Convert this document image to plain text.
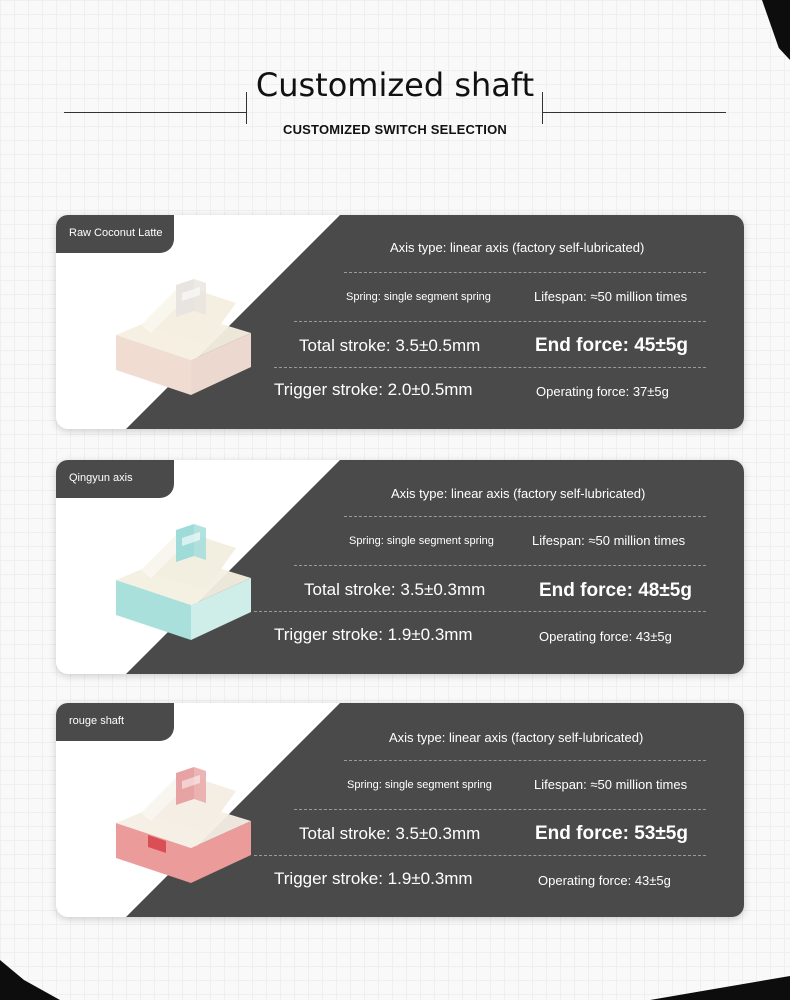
Customized shaft
CUSTOMIZED SWITCH SELECTION
Raw Coconut Latte
Axis type: linear axis (factory self-lubricated)
Spring: single segment spring	Lifespan: ≈50 million times
Total stroke: 3.5±0.5mm	End force: 45±5g
Trigger stroke: 2.0±0.5mm	Operating force: 37±5g
Qingyun axis
Axis type: linear axis (factory self-lubricated)
Spring: single segment spring	Lifespan: ≈50 million times
Total stroke: 3.5±0.3mm	End force: 48±5g
Trigger stroke: 1.9±0.3mm	Operating force: 43±5g
rouge shaft
Axis type: linear axis (factory self-lubricated)
Spring: single segment spring	Lifespan: ≈50 million times
Total stroke: 3.5±0.3mm	End force: 53±5g
Trigger stroke: 1.9±0.3mm	Operating force: 43±5g
